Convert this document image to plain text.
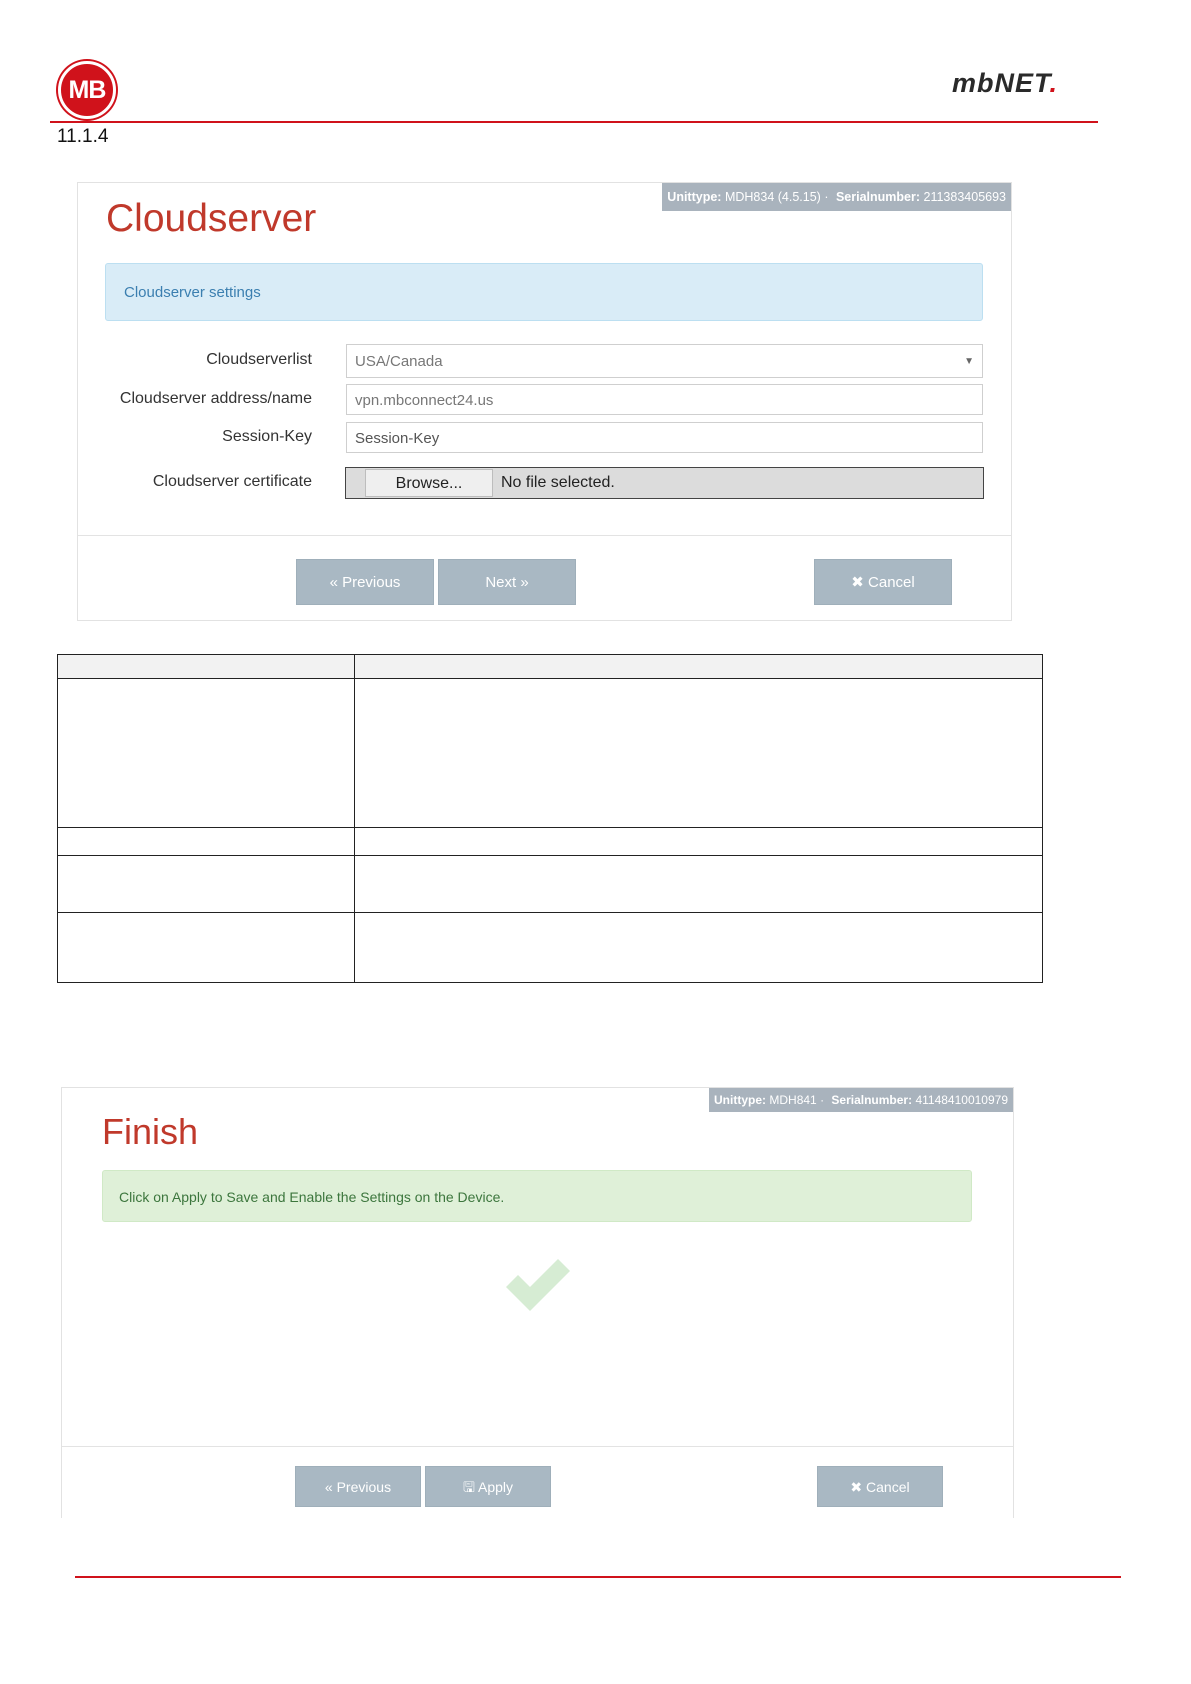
MB	mbNET.
11.1.4
Unittype: MDH834 (4.5.15) · Serialnumber: 211383405693
Cloudserver
Cloudserver settings
Cloudserverlist	USA/Canada	▼
Cloudserver address/name	vpn.mbconnect24.us
Session-Key	Session-Key
Cloudserver certificate	Browse...	No file selected.
« Previous	Next »	✖ Cancel

Unittype: MDH841 · Serialnumber: 41148410010979
Finish
Click on Apply to Save and Enable the Settings on the Device.
« Previous	🖫 Apply	✖ Cancel
